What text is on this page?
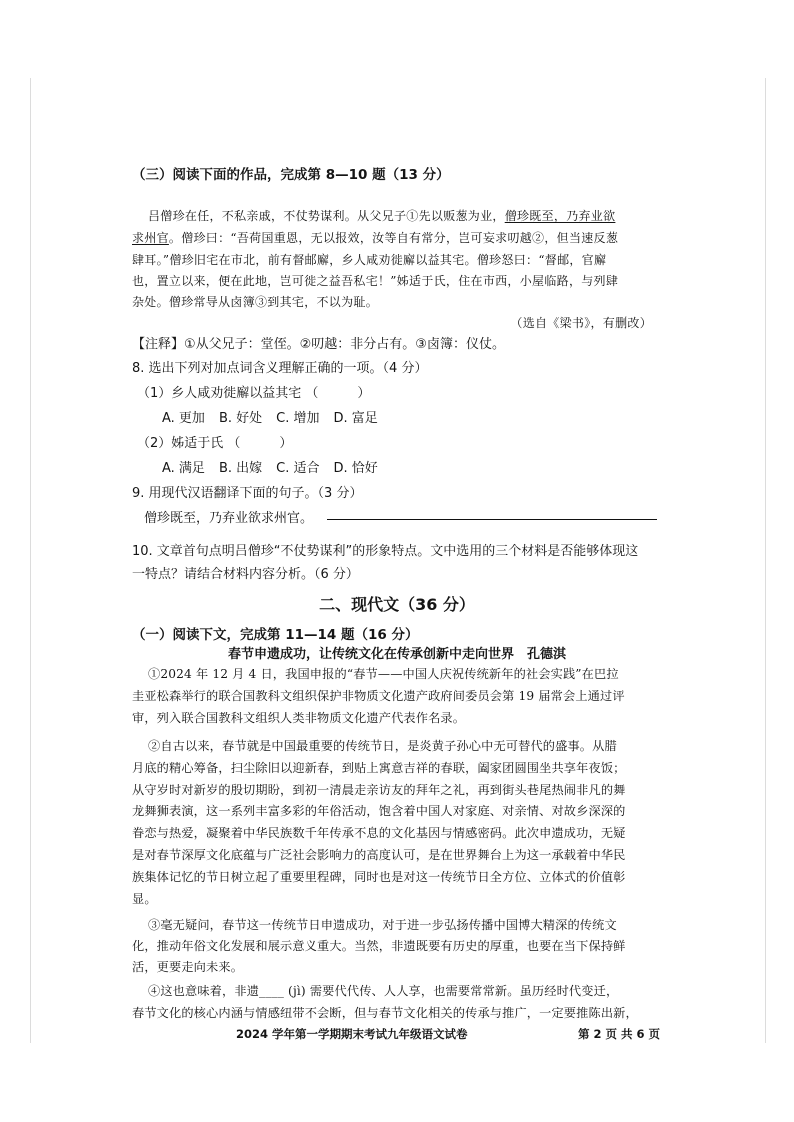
（三）阅读下面的作品，完成第 8—10 题（13 分）
吕僧珍在任，不私亲戚，不仗势谋利。从父兄子①先以贩葱为业，僧珍既至，乃弃业欲
求州官。僧珍曰：“吾荷国重恩，无以报效，汝等自有常分，岂可妄求叨越②，但当速反葱
肆耳。”僧珍旧宅在市北，前有督邮廨，乡人咸劝徙廨以益其宅。僧珍怒曰：“督邮，官廨
也，置立以来，便在此地，岂可徙之益吾私宅！”姊适于氏，住在市西，小屋临路，与列肆
杂处。僧珍常导从卤簿③到其宅，不以为耻。
（选自《梁书》，有删改）
【注释】①从父兄子：堂侄。②叨越：非分占有。③卤簿：仪仗。
8. 选出下列对加点词含义理解正确的一项。（4 分）
（1）乡人咸劝徙廨以益其宅 （　　　）
A. 更加 B. 好处 C. 增加 D. 富足
（2）姊适于氏 （　　　）
A. 满足 B. 出嫁 C. 适合 D. 恰好
9. 用现代汉语翻译下面的句子。（3 分）
僧珍既至，乃弃业欲求州官。
10. 文章首句点明吕僧珍“不仗势谋利”的形象特点。文中选用的三个材料是否能够体现这
一特点？请结合材料内容分析。（6 分）
二、现代文（36 分）
（一）阅读下文，完成第 11—14 题（16 分）
春节申遗成功，让传统文化在传承创新中走向世界　孔德淇
①2024 年 12 月 4 日，我国申报的“春节——中国人庆祝传统新年的社会实践”在巴拉
圭亚松森举行的联合国教科文组织保护非物质文化遗产政府间委员会第 19 届常会上通过评
审，列入联合国教科文组织人类非物质文化遗产代表作名录。
②自古以来，春节就是中国最重要的传统节日，是炎黄子孙心中无可替代的盛事。从腊
月底的精心筹备，扫尘除旧以迎新春，到贴上寓意吉祥的春联，阖家团圆围坐共享年夜饭；
从守岁时对新岁的殷切期盼，到初一清晨走亲访友的拜年之礼，再到街头巷尾热闹非凡的舞
龙舞狮表演，这一系列丰富多彩的年俗活动，饱含着中国人对家庭、对亲情、对故乡深深的
眷恋与热爱，凝聚着中华民族数千年传承不息的文化基因与情感密码。此次申遗成功，无疑
是对春节深厚文化底蕴与广泛社会影响力的高度认可，是在世界舞台上为这一承载着中华民
族集体记忆的节日树立起了重要里程碑，同时也是对这一传统节日全方位、立体式的价值彰
显。
③毫无疑问，春节这一传统节日申遗成功，对于进一步弘扬传播中国博大精深的传统文
化，推动年俗文化发展和展示意义重大。当然，非遗既要有历史的厚重，也要在当下保持鲜
活，更要走向未来。
④这也意味着，非遗____ (jì) 需要代代传、人人享，也需要常常新。虽历经时代变迁，
春节文化的核心内涵与情感纽带不会断，但与春节文化相关的传承与推广，一定要推陈出新，
2024 学年第一学期期末考试九年级语文试卷	第 2 页 共 6 页
